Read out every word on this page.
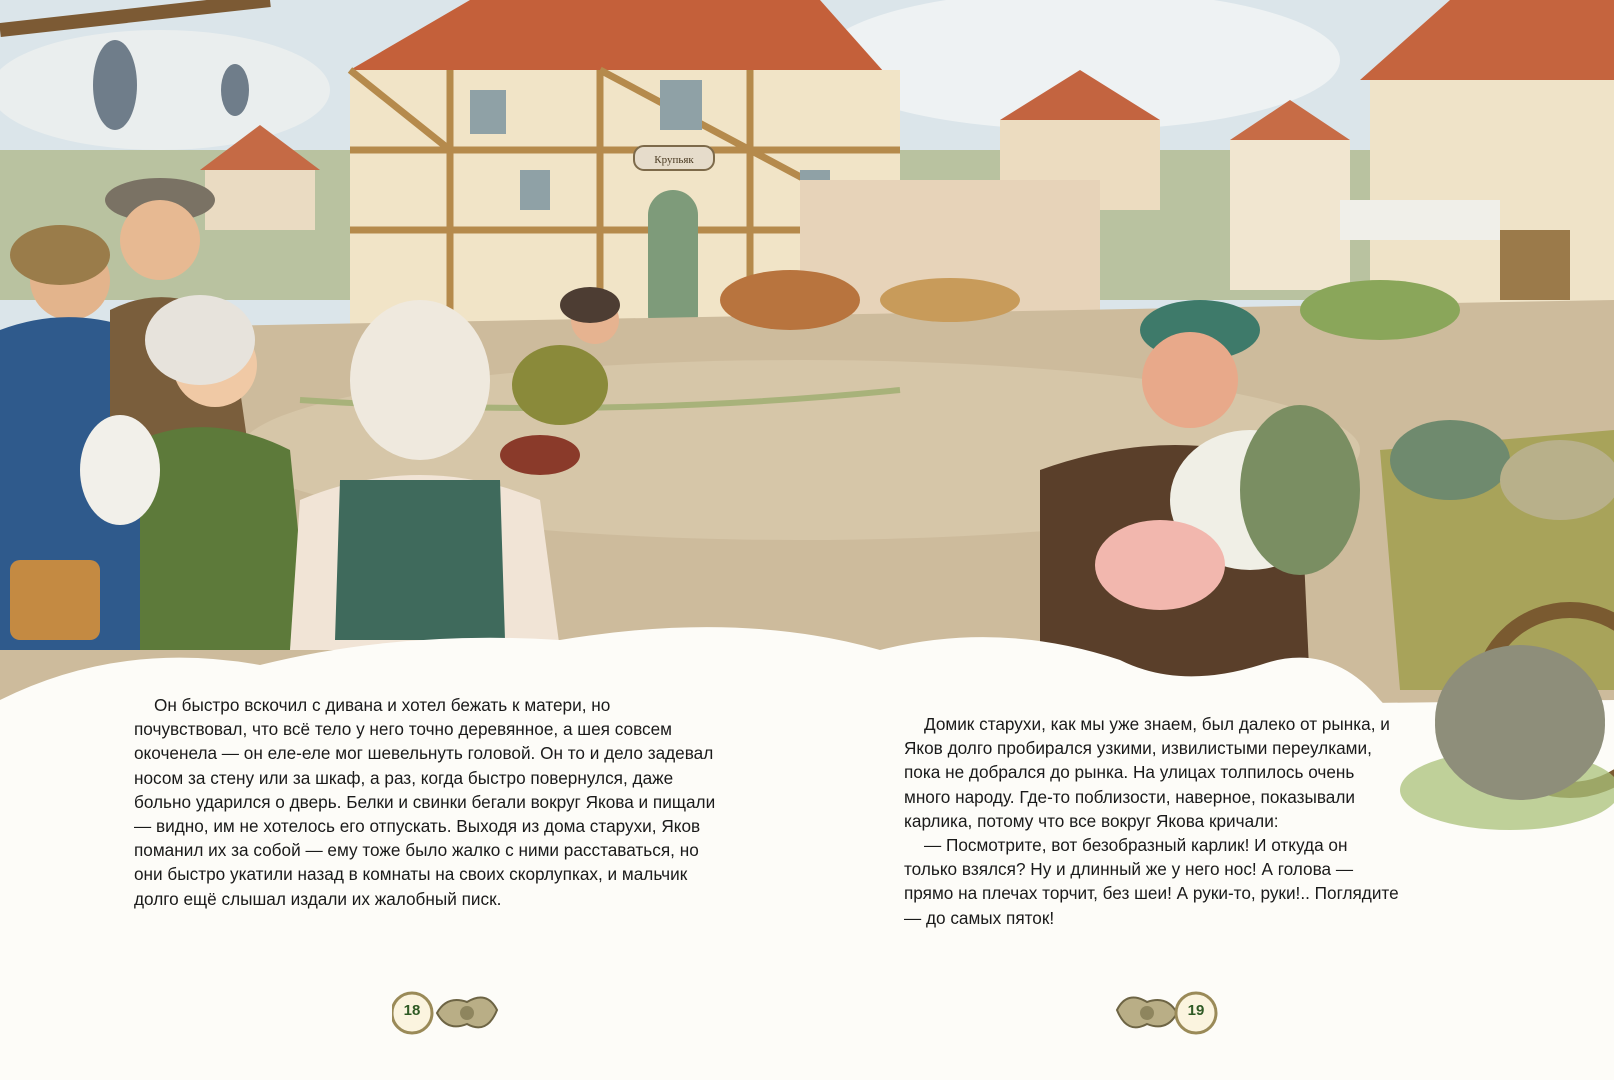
Крупьяк

Он быстро вскочил с дивана и хотел бежать к матери, но почувствовал, что всё тело у него точно деревянное, а шея совсем окоченела — он еле-еле мог шевельнуть головой. Он то и дело задевал носом за стену или за шкаф, а раз, когда быстро повернулся, даже больно ударился о дверь. Белки и свинки бегали вокруг Якова и пищали — видно, им не хотелось его отпускать. Выходя из дома старухи, Яков поманил их за собой — ему тоже было жалко с ними расставаться, но они быстро укатили назад в комнаты на своих скорлупках, и мальчик долго ещё слышал издали их жалобный писк.

Домик старухи, как мы уже знаем, был далеко от рынка, и Яков долго пробирался узкими, извилистыми переулками, пока не добрался до рынка. На улицах толпилось очень много народу. Где-то поблизости, наверное, показывали карлика, потому что все вокруг Якова кричали:

— Посмотрите, вот безобразный карлик! И откуда он только взялся? Ну и длинный же у него нос! А голова — прямо на плечах торчит, без шеи! А руки-то, руки!.. Поглядите — до самых пяток!

18	19
